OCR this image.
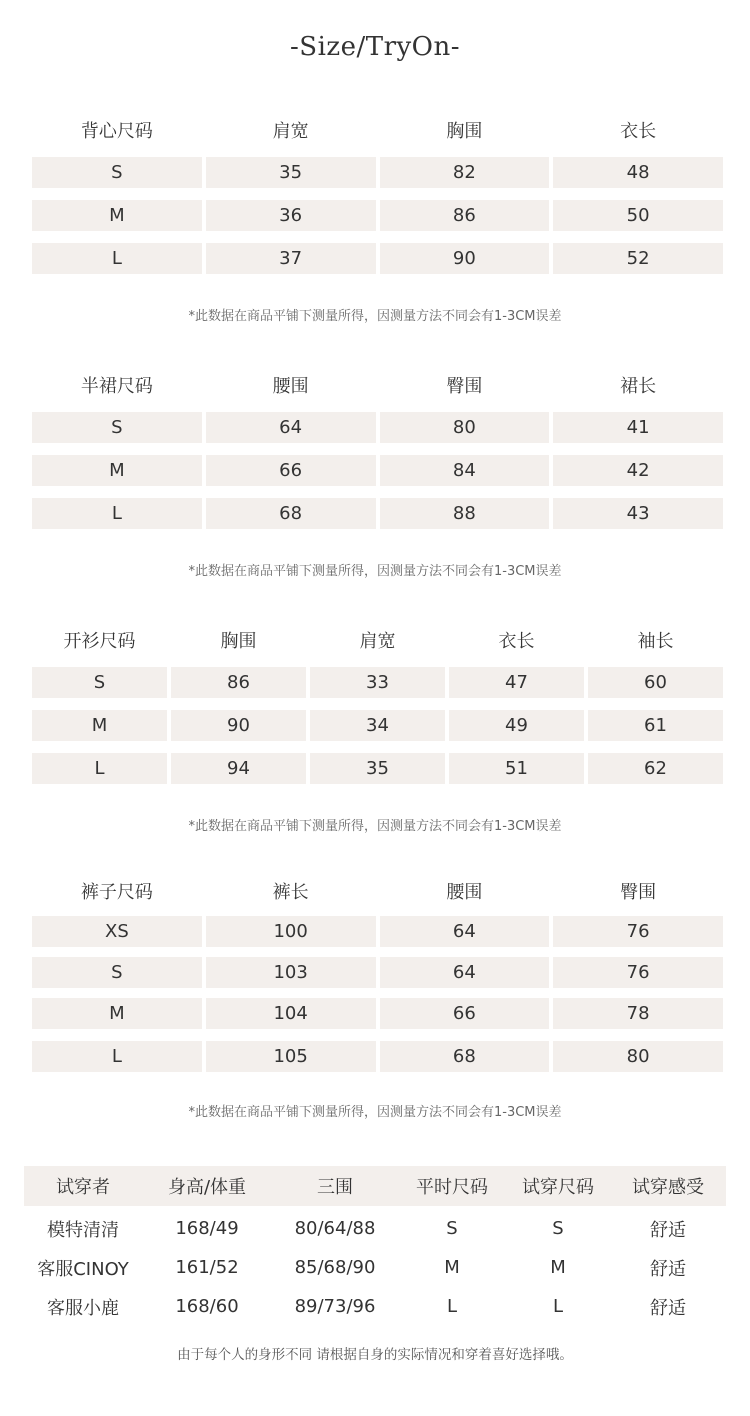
-Size/TryOn-
背心尺码	肩宽	胸围	衣长
S	35	82	48
M	36	86	50
L	37	90	52
*此数据在商品平铺下测量所得，因测量方法不同会有1-3CM误差
半裙尺码	腰围	臀围	裙长
S	64	80	41
M	66	84	42
L	68	88	43
*此数据在商品平铺下测量所得，因测量方法不同会有1-3CM误差
开衫尺码	胸围	肩宽	衣长	袖长
S	86	33	47	60
M	90	34	49	61
L	94	35	51	62
*此数据在商品平铺下测量所得，因测量方法不同会有1-3CM误差
裤子尺码	裤长	腰围	臀围
XS	100	64	76
S	103	64	76
M	104	66	78
L	105	68	80
*此数据在商品平铺下测量所得，因测量方法不同会有1-3CM误差
试穿者	身高/体重	三围	平时尺码	试穿尺码	试穿感受
模特清清	168/49	80/64/88	S	S	舒适
客服CINOY	161/52	85/68/90	M	M	舒适
客服小鹿	168/60	89/73/96	L	L	舒适
由于每个人的身形不同 请根据自身的实际情况和穿着喜好选择哦。
